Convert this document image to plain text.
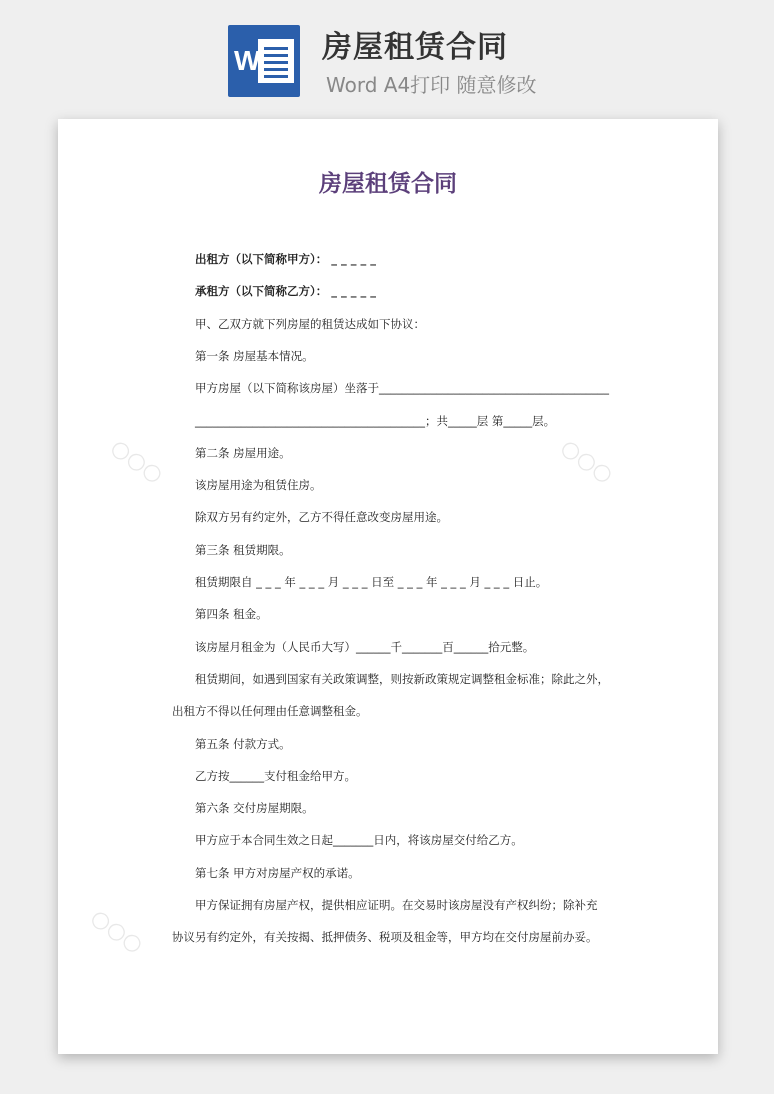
W 房屋租赁合同
Word A4打印 随意修改
○○○	○○○
○○○
房屋租赁合同
出租方（以下简称甲方）： _ _ _ _ _
承租方（以下简称乙方）： _ _ _ _ _
甲、乙双方就下列房屋的租赁达成如下协议：
第一条 房屋基本情况。
甲方房屋（以下简称该房屋）坐落于________________________________________
________________________________________；共_____层 第_____层。
第二条 房屋用途。
该房屋用途为租赁住房。
除双方另有约定外，乙方不得任意改变房屋用途。
第三条 租赁期限。
租赁期限自 _ _ _ 年 _ _ _ 月 _ _ _ 日至 _ _ _ 年 _ _ _ 月 _ _ _ 日止。
第四条 租金。
该房屋月租金为（人民币大写）______千_______百______拾元整。
租赁期间，如遇到国家有关政策调整，则按新政策规定调整租金标准；除此之外，
出租方不得以任何理由任意调整租金。
第五条 付款方式。
乙方按______支付租金给甲方。
第六条 交付房屋期限。
甲方应于本合同生效之日起_______日内，将该房屋交付给乙方。
第七条 甲方对房屋产权的承诺。
甲方保证拥有房屋产权，提供相应证明。在交易时该房屋没有产权纠纷；除补充
协议另有约定外，有关按揭、抵押债务、税项及租金等，甲方均在交付房屋前办妥。
